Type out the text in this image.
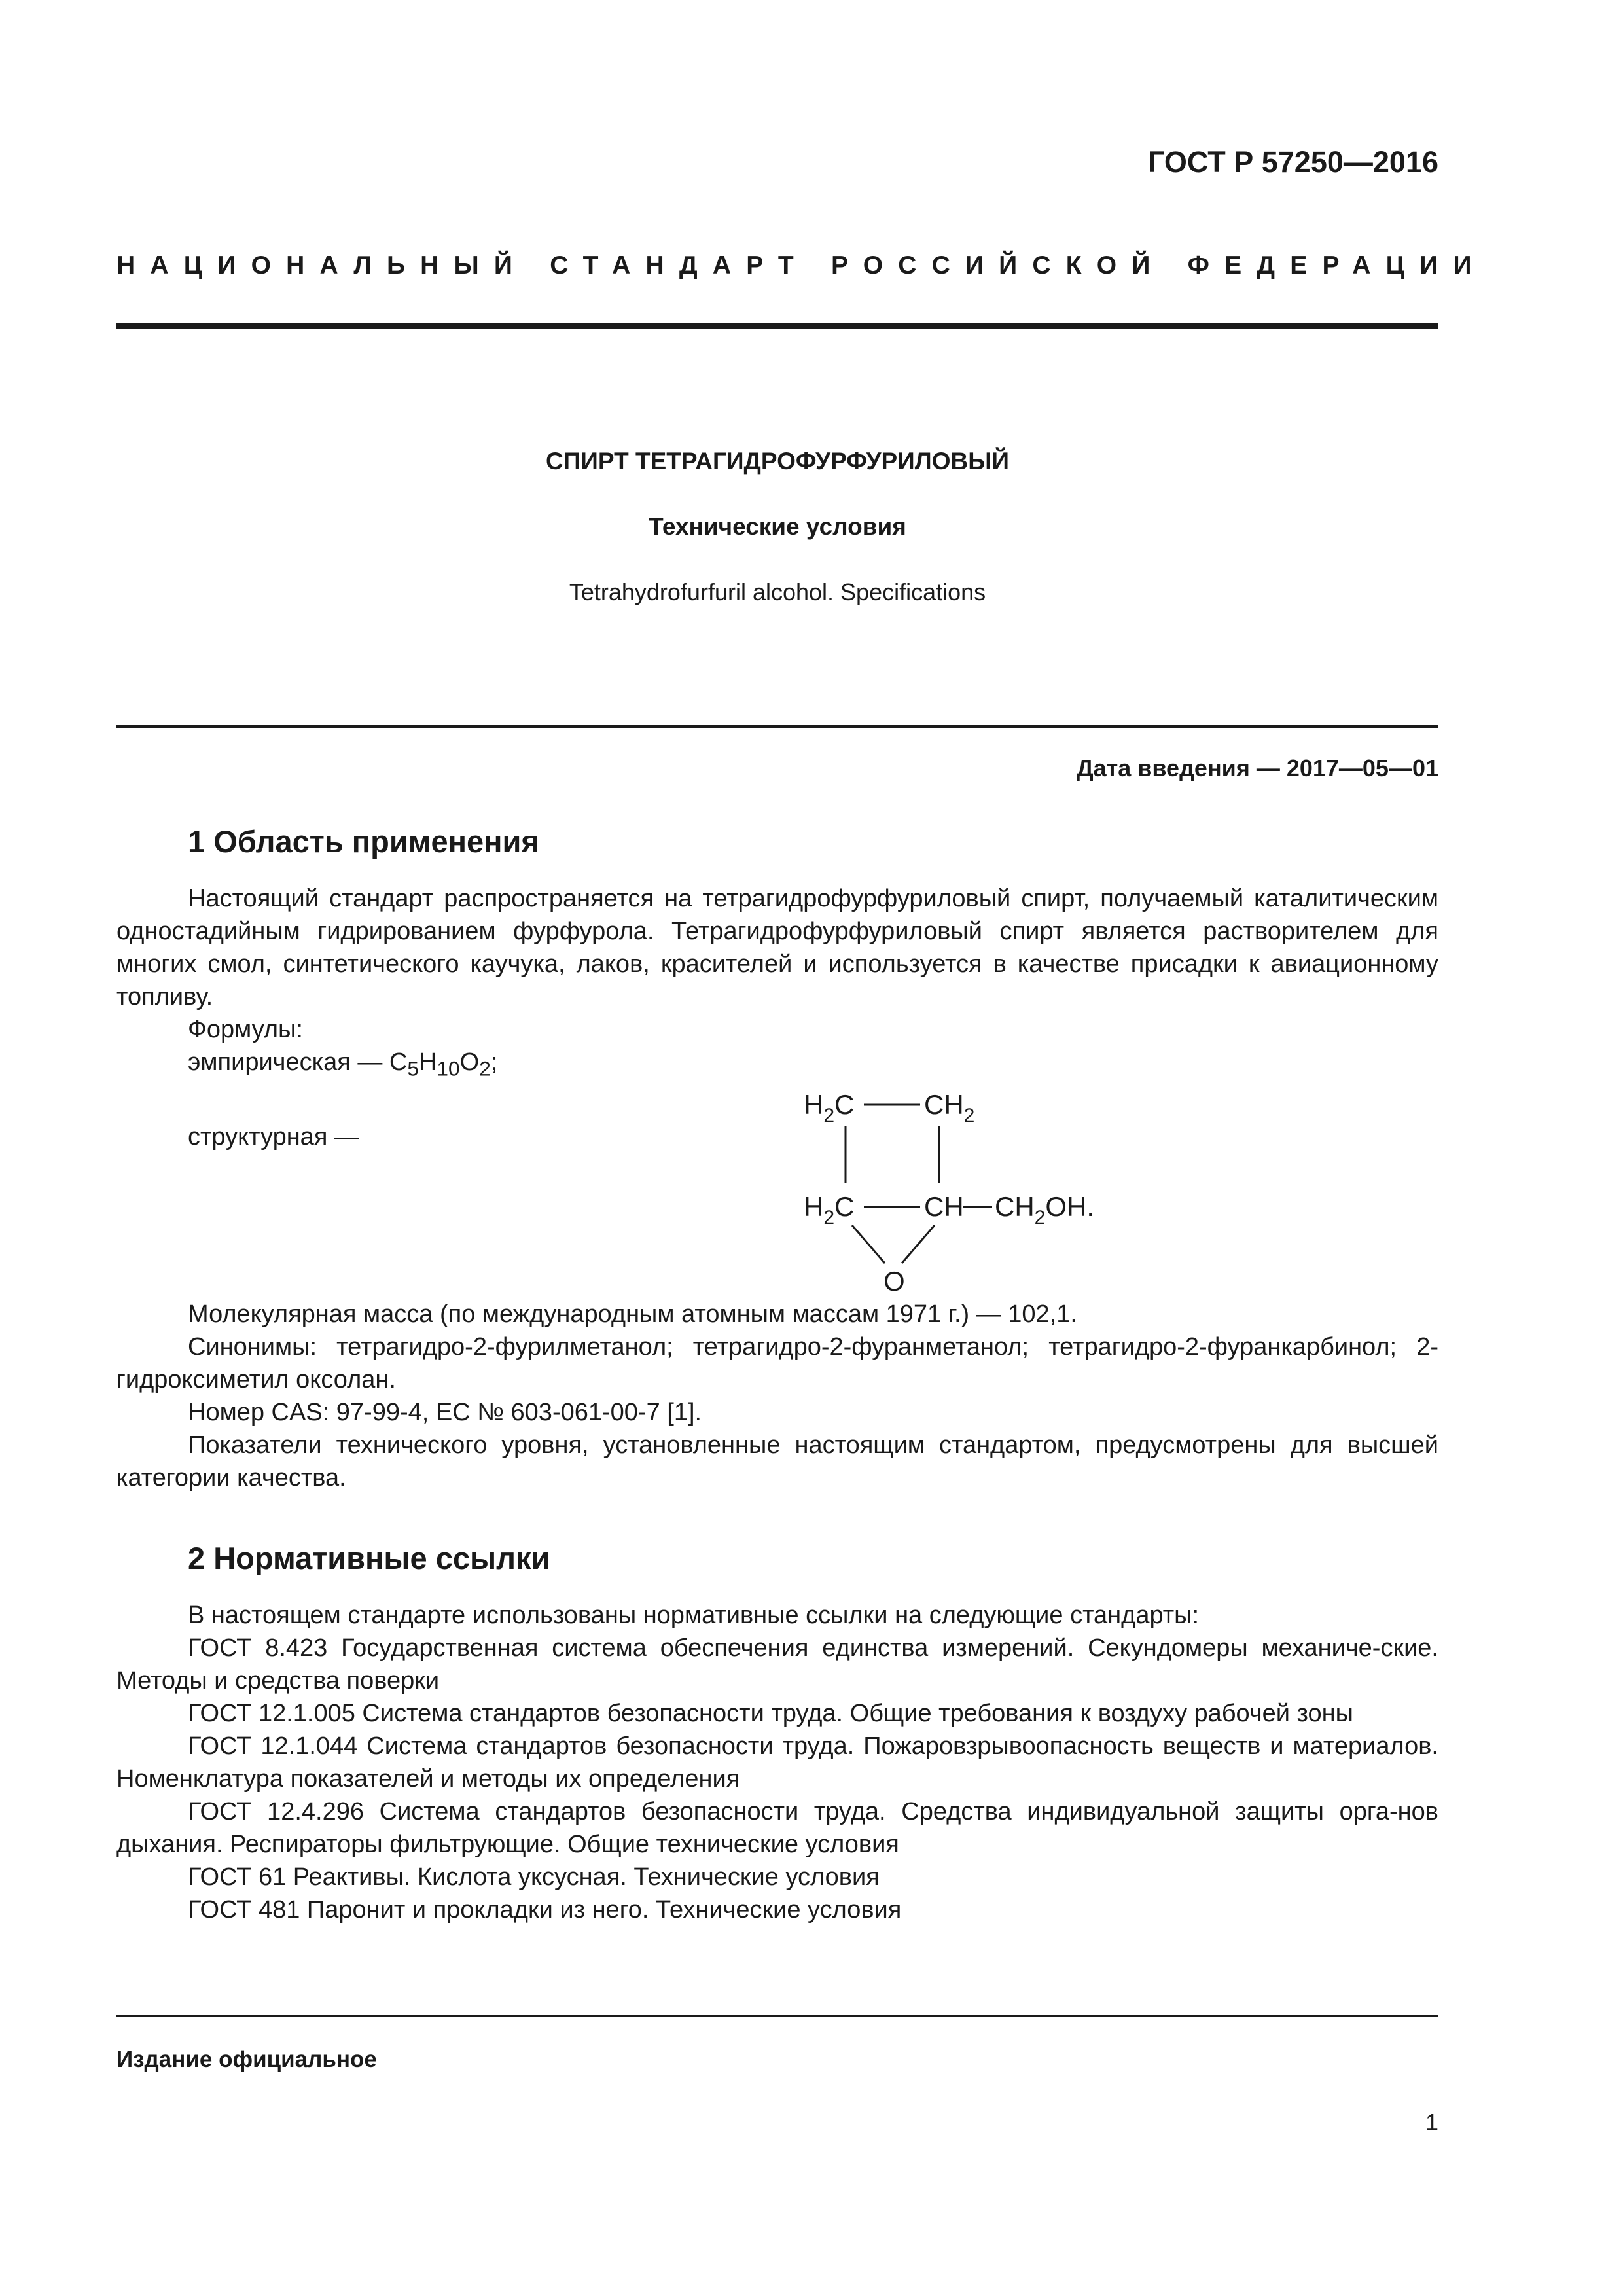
ГОСТ Р 57250—2016
НАЦИОНАЛЬНЫЙ СТАНДАРТ РОССИЙСКОЙ ФЕДЕРАЦИИ
СПИРТ ТЕТРАГИДРОФУРФУРИЛОВЫЙ
Технические условия
Tetrahydrofurfuril alcohol. Specifications
Дата введения — 2017—05—01
1 Область применения

Настоящий стандарт распространяется на тетрагидрофурфуриловый спирт, получаемый каталитическим одностадийным гидрированием фурфурола. Тетрагидрофурфуриловый спирт является растворителем для многих смол, синтетического каучука, лаков, красителей и используется в качестве присадки к авиационному топливу.

Формулы:

эмпирическая — $C_5H_{10}O_2$;

структурная —

$H_2C$	$CH_2$
$H_2C$	CH $CH_2OH$.
O

Молекулярная масса (по международным атомным массам 1971 г.) — 102,1.

Синонимы: тетрагидро-2-фурилметанол; тетрагидро-2-фуранметанол; тетрагидро-2-фуранкарбинол; 2-гидроксиметил оксолан.

Номер CAS: 97-99-4, ЕС № 603-061-00-7 [1].

Показатели технического уровня, установленные настоящим стандартом, предусмотрены для высшей категории качества.

2 Нормативные ссылки

В настоящем стандарте использованы нормативные ссылки на следующие стандарты:

ГОСТ 8.423 Государственная система обеспечения единства измерений. Секундомеры механиче-ские. Методы и средства поверки

ГОСТ 12.1.005 Система стандартов безопасности труда. Общие требования к воздуху рабочей зоны

ГОСТ 12.1.044 Система стандартов безопасности труда. Пожаровзрывоопасность веществ и материалов. Номенклатура показателей и методы их определения

ГОСТ 12.4.296 Система стандартов безопасности труда. Средства индивидуальной защиты орга-нов дыхания. Респираторы фильтрующие. Общие технические условия

ГОСТ 61 Реактивы. Кислота уксусная. Технические условия

ГОСТ 481 Паронит и прокладки из него. Технические условия

Издание официальное
1
